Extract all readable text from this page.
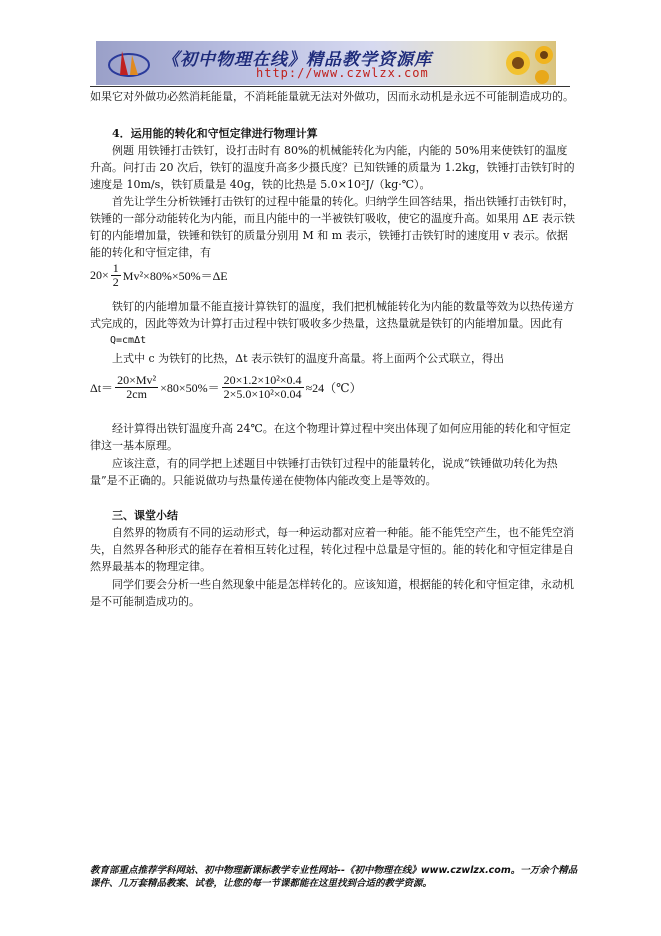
《初中物理在线》精品教学资源库
http://www.czwlzx.com

如果它对外做功必然消耗能量，不消耗能量就无法对外做功，因而永动机是永远不可能制造成功的。

4．运用能的转化和守恒定律进行物理计算

例题 用铁锤打击铁钉，设打击时有 80%的机械能转化为内能，内能的 50%用来使铁钉的温度升高。问打击 20 次后，铁钉的温度升高多少摄氏度？已知铁锤的质量为 1.2kg，铁锤打击铁钉时的速度是 10m/s，铁钉质量是 40g，铁的比热是 5.0×10²J/（kg·℃）。

首先让学生分析铁锤打击铁钉的过程中能量的转化。归纳学生回答结果，指出铁锤打击铁钉时，铁锤的一部分动能转化为内能，而且内能中的一半被铁钉吸收，使它的温度升高。如果用 ΔE 表示铁钉的内能增加量，铁锤和铁钉的质量分别用 M 和 m 表示，铁锤打击铁钉时的速度用 v 表示。依据能的转化和守恒定律，有

$20\times \frac{1}{2} Mv^2\times 80\%\times 50\%=\Delta E$

铁钉的内能增加量不能直接计算铁钉的温度，我们把机械能转化为内能的数量等效为以热传递方式完成的，因此等效为计算打击过程中铁钉吸收多少热量，这热量就是铁钉的内能增加量。因此有

Q=cmΔt

上式中 c 为铁钉的比热，Δt 表示铁钉的温度升高量。将上面两个公式联立，得出

$\Delta t= \frac{\text{20×Mv²}}{2cm} \times 80\times 50\%= \frac{\text{20×1.2×10²×0.4}}{\text{2×5.0×10²×0.04}}$ ≈24（℃）

经计算得出铁钉温度升高 24℃。在这个物理计算过程中突出体现了如何应用能的转化和守恒定律这一基本原理。

应该注意，有的同学把上述题目中铁锤打击铁钉过程中的能量转化，说成“铁锤做功转化为热量”是不正确的。只能说做功与热量传递在使物体内能改变上是等效的。

三、课堂小结

自然界的物质有不同的运动形式，每一种运动都对应着一种能。能不能凭空产生，也不能凭空消失，自然界各种形式的能存在着相互转化过程，转化过程中总量是守恒的。能的转化和守恒定律是自然界最基本的物理定律。

同学们要会分析一些自然现象中能是怎样转化的。应该知道，根据能的转化和守恒定律，永动机是不可能制造成功的。

教育部重点推荐学科网站、初中物理新课标教学专业性网站--《初中物理在线》www.czwlzx.com。一万余个精品课件、几万套精品教案、试卷，让您的每一节课都能在这里找到合适的教学资源。
